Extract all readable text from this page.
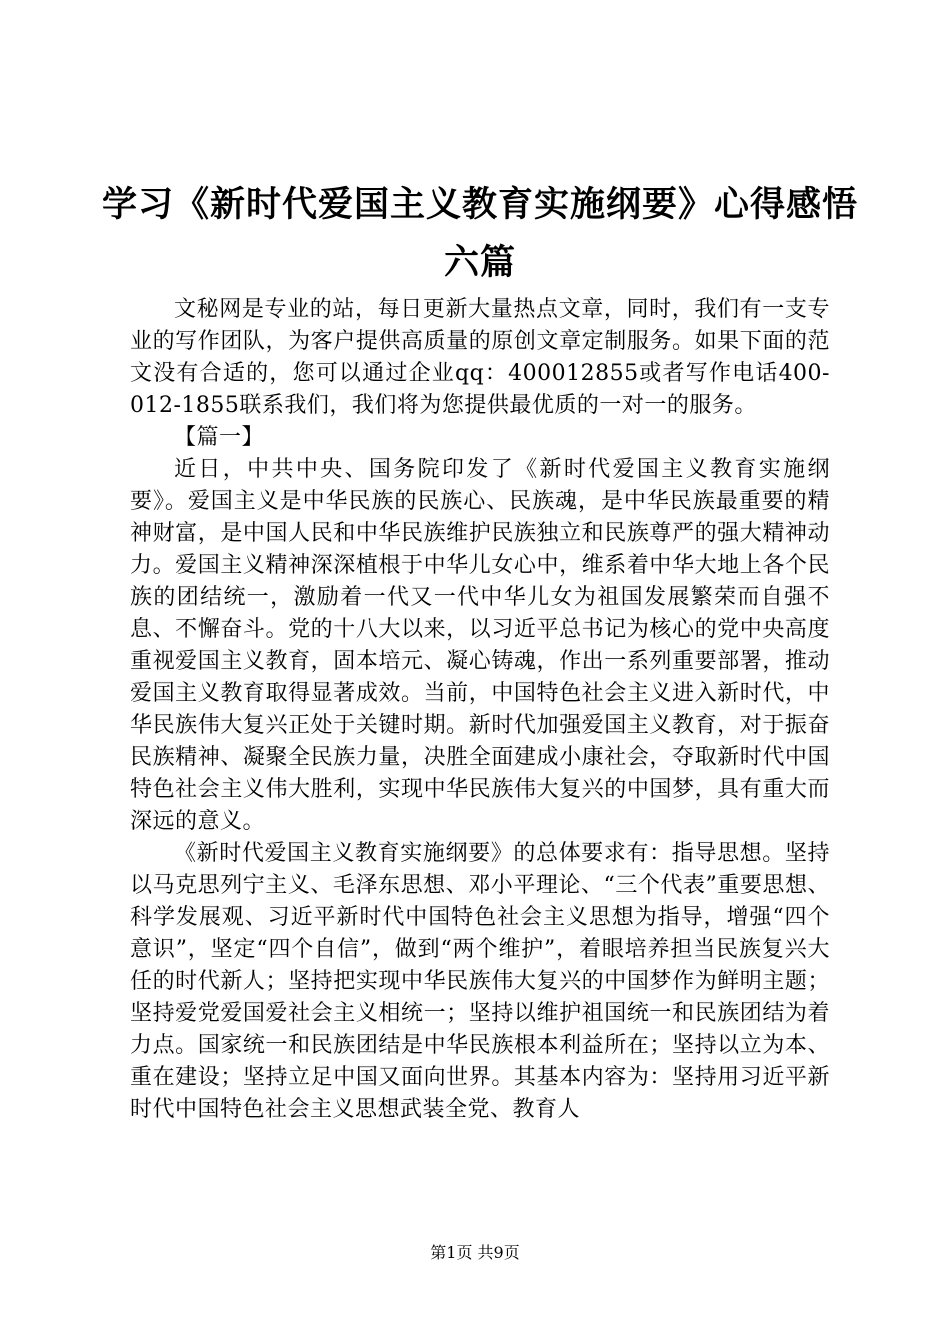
学习《新时代爱国主义教育实施纲要》心得感悟六篇

文秘网是专业的站，每日更新大量热点文章，同时，我们有一支专业的写作团队，为客户提供高质量的原创文章定制服务。如果下面的范文没有合适的，您可以通过企业qq：400012855或者写作电话400-012-1855联系我们，我们将为您提供最优质的一对一的服务。

【篇一】

近日，中共中央、国务院印发了《新时代爱国主义教育实施纲要》。爱国主义是中华民族的民族心、民族魂，是中华民族最重要的精神财富，是中国人民和中华民族维护民族独立和民族尊严的强大精神动力。爱国主义精神深深植根于中华儿女心中，维系着中华大地上各个民族的团结统一，激励着一代又一代中华儿女为祖国发展繁荣而自强不息、不懈奋斗。党的十八大以来，以习近平总书记为核心的党中央高度重视爱国主义教育，固本培元、凝心铸魂，作出一系列重要部署，推动爱国主义教育取得显著成效。当前，中国特色社会主义进入新时代，中华民族伟大复兴正处于关键时期。新时代加强爱国主义教育，对于振奋民族精神、凝聚全民族力量，决胜全面建成小康社会，夺取新时代中国特色社会主义伟大胜利，实现中华民族伟大复兴的中国梦，具有重大而深远的意义。

《新时代爱国主义教育实施纲要》的总体要求有：指导思想。坚持以马克思列宁主义、毛泽东思想、邓小平理论、“三个代表”重要思想、科学发展观、习近平新时代中国特色社会主义思想为指导，增强“四个意识”，坚定“四个自信”，做到“两个维护”，着眼培养担当民族复兴大任的时代新人；坚持把实现中华民族伟大复兴的中国梦作为鲜明主题；坚持爱党爱国爱社会主义相统一；坚持以维护祖国统一和民族团结为着力点。国家统一和民族团结是中华民族根本利益所在；坚持以立为本、重在建设；坚持立足中国又面向世界。其基本内容为：坚持用习近平新时代中国特色社会主义思想武装全党、教育人

第1页 共9页
